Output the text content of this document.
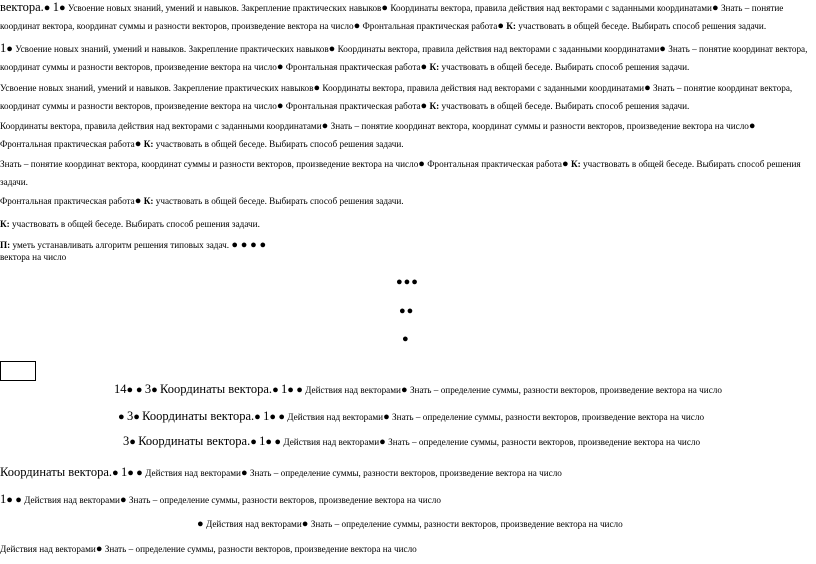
вектора.● 1● Усвоение новых знаний, умений и навыков. Закрепление практических навыков● Координаты вектора, правила действия над векторами с заданными координатами● Знать – понятие координат вектора, координат суммы и разности векторов, произведение вектора на число● Фронтальная практическая работа● К: участвовать в общей беседе. Выбирать способ решения задачи.
1● Усвоение новых знаний, умений и навыков. Закрепление практических навыков● Координаты вектора, правила действия над векторами с заданными координатами● Знать – понятие координат вектора, координат суммы и разности векторов, произведение вектора на число● Фронтальная практическая работа● К: участвовать в общей беседе. Выбирать способ решения задачи.
Усвоение новых знаний, умений и навыков. Закрепление практических навыков● Координаты вектора, правила действия над векторами с заданными координатами● Знать – понятие координат вектора, координат суммы и разности векторов, произведение вектора на число● Фронтальная практическая работа● К: участвовать в общей беседе. Выбирать способ решения задачи.
Координаты вектора, правила действия над векторами с заданными координатами● Знать – понятие координат вектора, координат суммы и разности векторов, произведение вектора на число● Фронтальная практическая работа● К: участвовать в общей беседе. Выбирать способ решения задачи.
Знать – понятие координат вектора, координат суммы и разности векторов, произведение вектора на число● Фронтальная практическая работа● К: участвовать в общей беседе. Выбирать способ решения задачи.
Фронтальная практическая работа● К: участвовать в общей беседе. Выбирать способ решения задачи.
К: участвовать в общей беседе. Выбирать способ решения задачи.
П: уметь устанавливать алгоритм решения типовых задач. ● ● ● ●
вектора на число
●●●
●●
●
14● ● 3● Координаты вектора.● 1● ● Действия над векторами● Знать – определение суммы, разности векторов, произведение вектора на число
● 3● Координаты вектора.● 1● ● Действия над векторами● Знать – определение суммы, разности векторов, произведение вектора на число
3● Координаты вектора.● 1● ● Действия над векторами● Знать – определение суммы, разности векторов, произведение вектора на число
Координаты вектора.● 1● ● Действия над векторами● Знать – определение суммы, разности векторов, произведение вектора на число
1● ● Действия над векторами● Знать – определение суммы, разности векторов, произведение вектора на число
● Действия над векторами● Знать – определение суммы, разности векторов, произведение вектора на число
Действия над векторами● Знать – определение суммы, разности векторов, произведение вектора на число
